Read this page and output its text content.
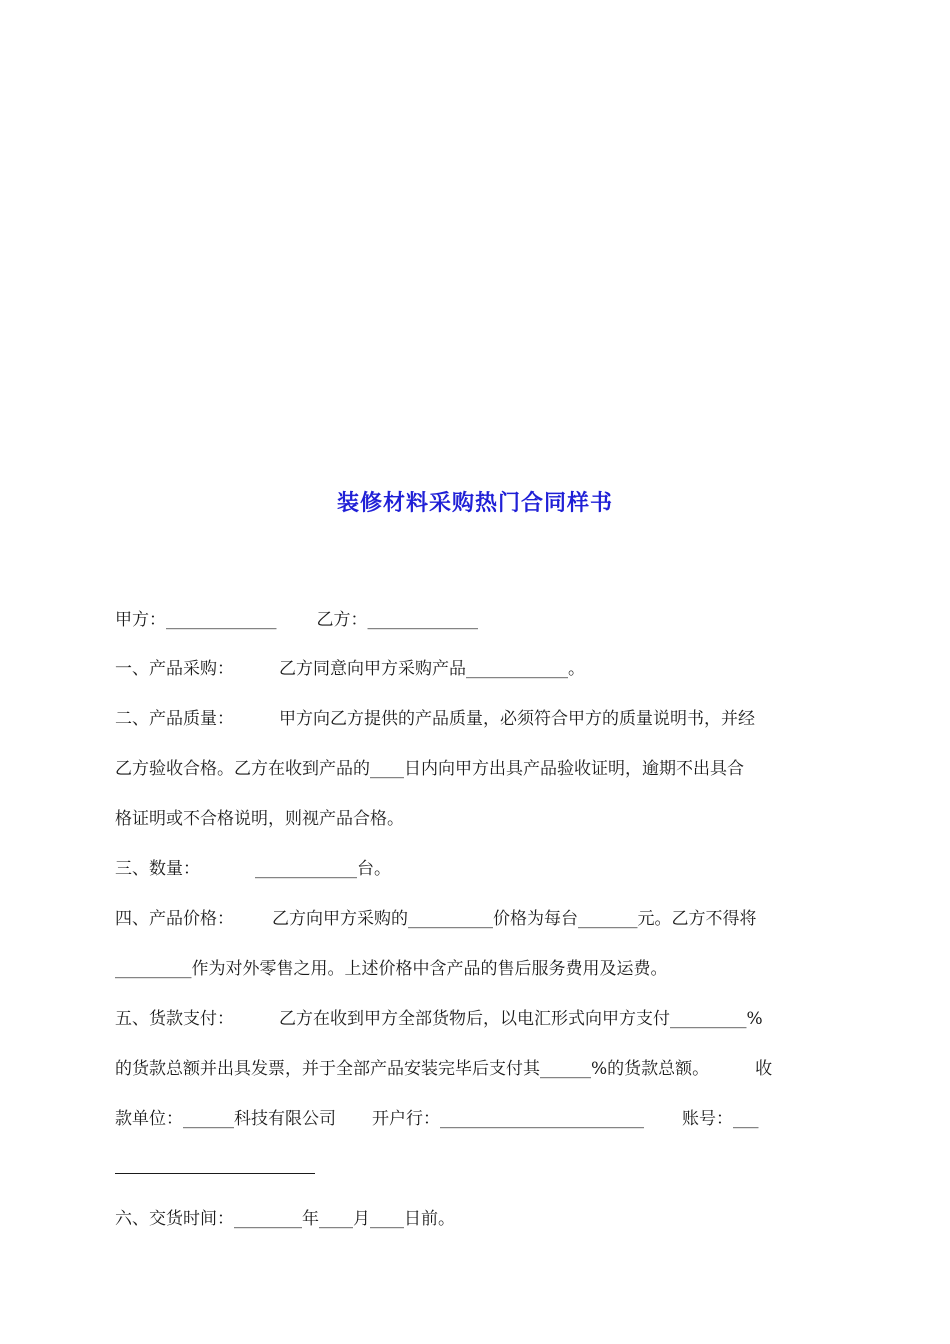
装修材料采购热门合同样书
甲方：_____________ 乙方：_____________
一、产品采购：	乙方同意向甲方采购产品____________。
二、产品质量：	甲方向乙方提供的产品质量，必须符合甲方的质量说明书，并经
乙方验收合格。乙方在收到产品的____日内向甲方出具产品验收证明，逾期不出具合
格证明或不合格说明，则视产品合格。
三、数量：	____________台。
四、产品价格： 乙方向甲方采购的__________价格为每台_______元。乙方不得将
_________作为对外零售之用。上述价格中含产品的售后服务费用及运费。
五、货款支付：	乙方在收到甲方全部货物后，以电汇形式向甲方支付_________%
的货款总额并出具发票，并于全部产品安装完毕后支付其______%的货款总额。	收
款单位：______科技有限公司 开户行：________________________ 账号：___
六、交货时间：________年____月____日前。
